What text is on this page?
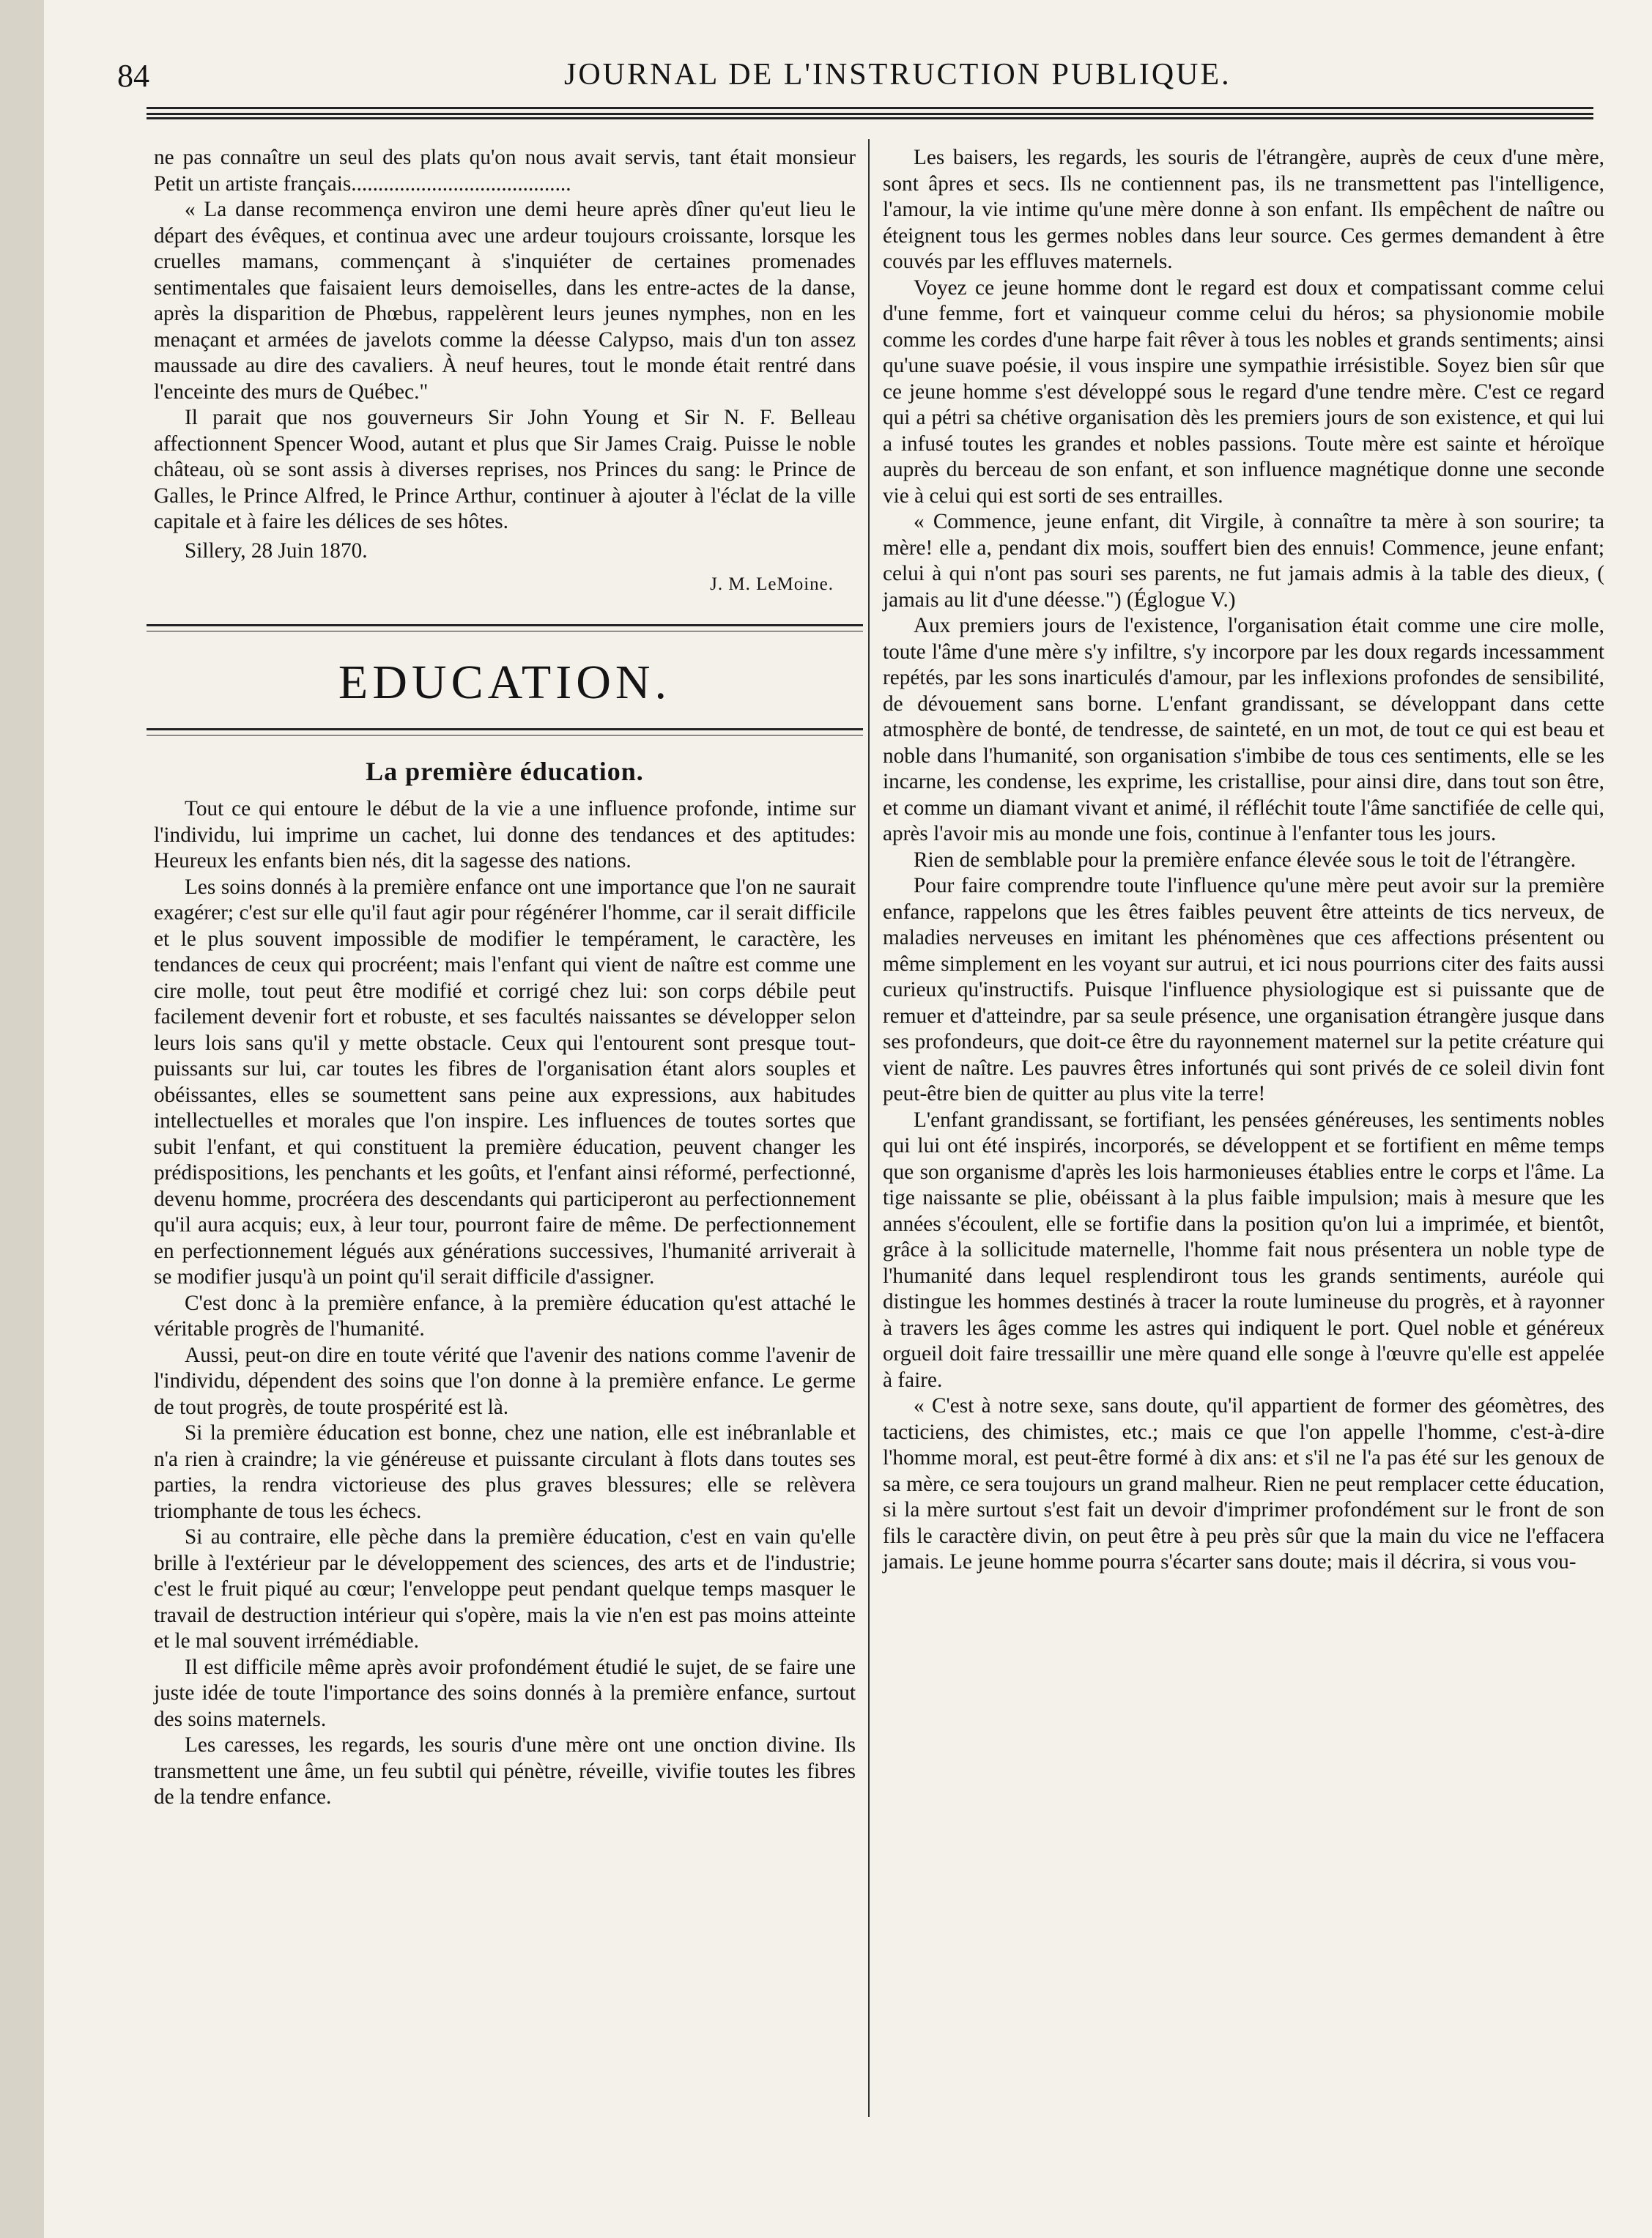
84	JOURNAL DE L'INSTRUCTION PUBLIQUE.

ne pas connaître un seul des plats qu'on nous avait servis, tant était monsieur Petit un artiste français.........................................

« La danse recommença environ une demi heure après dîner qu'eut lieu le départ des évêques, et continua avec une ardeur toujours croissante, lorsque les cruelles mamans, commençant à s'inquiéter de certaines promenades sentimentales que faisaient leurs demoiselles, dans les entre-actes de la danse, après la disparition de Phœbus, rappelèrent leurs jeunes nymphes, non en les menaçant et armées de javelots comme la déesse Calypso, mais d'un ton assez maussade au dire des cavaliers. À neuf heures, tout le monde était rentré dans l'enceinte des murs de Québec."

Il parait que nos gouverneurs Sir John Young et Sir N. F. Belleau affectionnent Spencer Wood, autant et plus que Sir James Craig. Puisse le noble château, où se sont assis à diverses reprises, nos Princes du sang: le Prince de Galles, le Prince Alfred, le Prince Arthur, continuer à ajouter à l'éclat de la ville capitale et à faire les délices de ses hôtes.

Sillery, 28 Juin 1870.

J. M. LeMoine.

EDUCATION.

La première éducation.

Tout ce qui entoure le début de la vie a une influence profonde, intime sur l'individu, lui imprime un cachet, lui donne des tendances et des aptitudes: Heureux les enfants bien nés, dit la sagesse des nations.

Les soins donnés à la première enfance ont une importance que l'on ne saurait exagérer; c'est sur elle qu'il faut agir pour régénérer l'homme, car il serait difficile et le plus souvent impossible de modifier le tempérament, le caractère, les tendances de ceux qui procréent; mais l'enfant qui vient de naître est comme une cire molle, tout peut être modifié et corrigé chez lui: son corps débile peut facilement devenir fort et robuste, et ses facultés naissantes se développer selon leurs lois sans qu'il y mette obstacle. Ceux qui l'entourent sont presque tout-puissants sur lui, car toutes les fibres de l'organisation étant alors souples et obéissantes, elles se soumettent sans peine aux expressions, aux habitudes intellectuelles et morales que l'on inspire. Les influences de toutes sortes que subit l'enfant, et qui constituent la première éducation, peuvent changer les prédispositions, les penchants et les goûts, et l'enfant ainsi réformé, perfectionné, devenu homme, procréera des descendants qui participeront au perfectionnement qu'il aura acquis; eux, à leur tour, pourront faire de même. De perfectionnement en perfectionnement légués aux générations successives, l'humanité arriverait à se modifier jusqu'à un point qu'il serait difficile d'assigner.

C'est donc à la première enfance, à la première éducation qu'est attaché le véritable progrès de l'humanité.

Aussi, peut-on dire en toute vérité que l'avenir des nations comme l'avenir de l'individu, dépendent des soins que l'on donne à la première enfance. Le germe de tout progrès, de toute prospérité est là.

Si la première éducation est bonne, chez une nation, elle est inébranlable et n'a rien à craindre; la vie généreuse et puissante circulant à flots dans toutes ses parties, la rendra victorieuse des plus graves blessures; elle se relèvera triomphante de tous les échecs.

Si au contraire, elle pèche dans la première éducation, c'est en vain qu'elle brille à l'extérieur par le développement des sciences, des arts et de l'industrie; c'est le fruit piqué au cœur; l'enveloppe peut pendant quelque temps masquer le travail de destruction intérieur qui s'opère, mais la vie n'en est pas moins atteinte et le mal souvent irrémédiable.

Il est difficile même après avoir profondément étudié le sujet, de se faire une juste idée de toute l'importance des soins donnés à la première enfance, surtout des soins maternels.

Les caresses, les regards, les souris d'une mère ont une onction divine. Ils transmettent une âme, un feu subtil qui pénètre, réveille, vivifie toutes les fibres de la tendre enfance.

Les baisers, les regards, les souris de l'étrangère, auprès de ceux d'une mère, sont âpres et secs. Ils ne contiennent pas, ils ne transmettent pas l'intelligence, l'amour, la vie intime qu'une mère donne à son enfant. Ils empêchent de naître ou éteignent tous les germes nobles dans leur source. Ces germes demandent à être couvés par les effluves maternels.

Voyez ce jeune homme dont le regard est doux et compatissant comme celui d'une femme, fort et vainqueur comme celui du héros; sa physionomie mobile comme les cordes d'une harpe fait rêver à tous les nobles et grands sentiments; ainsi qu'une suave poésie, il vous inspire une sympathie irrésistible. Soyez bien sûr que ce jeune homme s'est développé sous le regard d'une tendre mère. C'est ce regard qui a pétri sa chétive organisation dès les premiers jours de son existence, et qui lui a infusé toutes les grandes et nobles passions. Toute mère est sainte et héroïque auprès du berceau de son enfant, et son influence magnétique donne une seconde vie à celui qui est sorti de ses entrailles.

« Commence, jeune enfant, dit Virgile, à connaître ta mère à son sourire; ta mère! elle a, pendant dix mois, souffert bien des ennuis! Commence, jeune enfant; celui à qui n'ont pas souri ses parents, ne fut jamais admis à la table des dieux, ( jamais au lit d'une déesse.") (Églogue V.)

Aux premiers jours de l'existence, l'organisation était comme une cire molle, toute l'âme d'une mère s'y infiltre, s'y incorpore par les doux regards incessamment repétés, par les sons inarticulés d'amour, par les inflexions profondes de sensibilité, de dévouement sans borne. L'enfant grandissant, se développant dans cette atmosphère de bonté, de tendresse, de sainteté, en un mot, de tout ce qui est beau et noble dans l'humanité, son organisation s'imbibe de tous ces sentiments, elle se les incarne, les condense, les exprime, les cristallise, pour ainsi dire, dans tout son être, et comme un diamant vivant et animé, il réfléchit toute l'âme sanctifiée de celle qui, après l'avoir mis au monde une fois, continue à l'enfanter tous les jours.

Rien de semblable pour la première enfance élevée sous le toit de l'étrangère.

Pour faire comprendre toute l'influence qu'une mère peut avoir sur la première enfance, rappelons que les êtres faibles peuvent être atteints de tics nerveux, de maladies nerveuses en imitant les phénomènes que ces affections présentent ou même simplement en les voyant sur autrui, et ici nous pourrions citer des faits aussi curieux qu'instructifs. Puisque l'influence physiologique est si puissante que de remuer et d'atteindre, par sa seule présence, une organisation étrangère jusque dans ses profondeurs, que doit-ce être du rayonnement maternel sur la petite créature qui vient de naître. Les pauvres êtres infortunés qui sont privés de ce soleil divin font peut-être bien de quitter au plus vite la terre!

L'enfant grandissant, se fortifiant, les pensées généreuses, les sentiments nobles qui lui ont été inspirés, incorporés, se développent et se fortifient en même temps que son organisme d'après les lois harmonieuses établies entre le corps et l'âme. La tige naissante se plie, obéissant à la plus faible impulsion; mais à mesure que les années s'écoulent, elle se fortifie dans la position qu'on lui a imprimée, et bientôt, grâce à la sollicitude maternelle, l'homme fait nous présentera un noble type de l'humanité dans lequel resplendiront tous les grands sentiments, auréole qui distingue les hommes destinés à tracer la route lumineuse du progrès, et à rayonner à travers les âges comme les astres qui indiquent le port. Quel noble et généreux orgueil doit faire tressaillir une mère quand elle songe à l'œuvre qu'elle est appelée à faire.

« C'est à notre sexe, sans doute, qu'il appartient de former des géomètres, des tacticiens, des chimistes, etc.; mais ce que l'on appelle l'homme, c'est-à-dire l'homme moral, est peut-être formé à dix ans: et s'il ne l'a pas été sur les genoux de sa mère, ce sera toujours un grand malheur. Rien ne peut remplacer cette éducation, si la mère surtout s'est fait un devoir d'imprimer profondément sur le front de son fils le caractère divin, on peut être à peu près sûr que la main du vice ne l'effacera jamais. Le jeune homme pourra s'écarter sans doute; mais il décrira, si vous vou-
